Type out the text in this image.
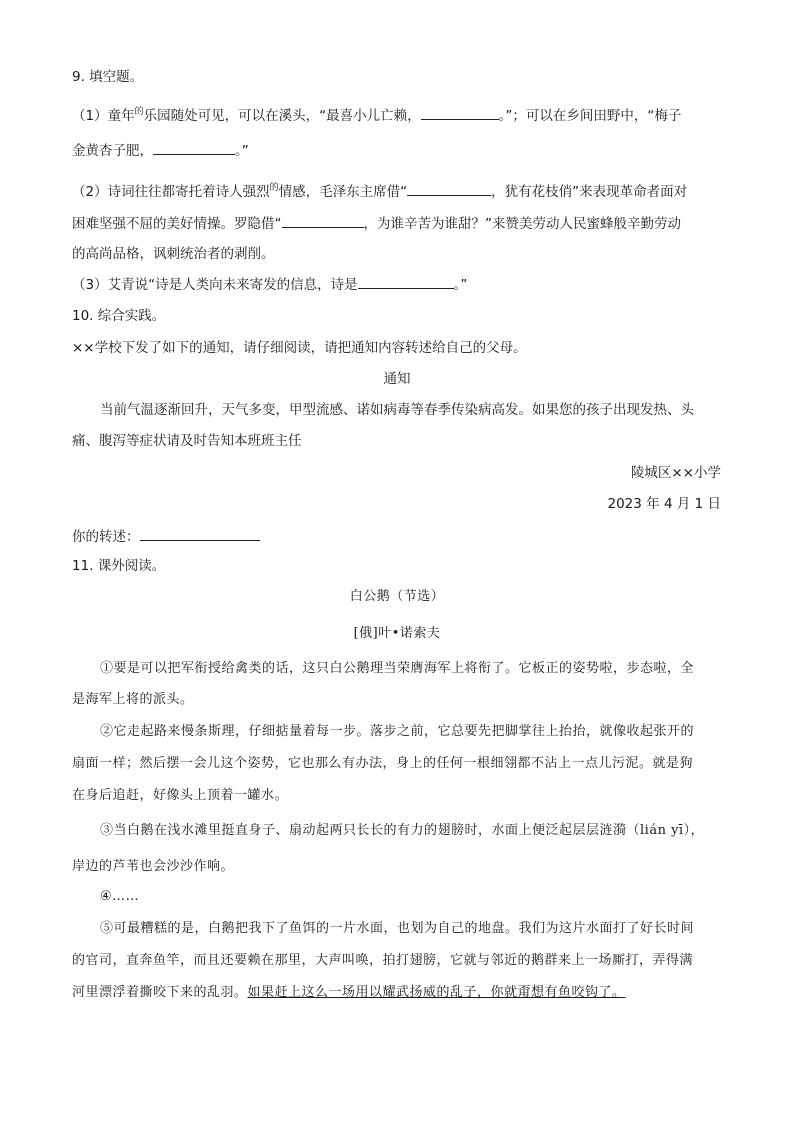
9. 填空题。
（1）童年$^的$乐园随处可见，可以在溪头，“最喜小儿亡赖，	。”；可以在乡间田野中，“梅子
金黄杏子肥，	。”
（2）诗词往往都寄托着诗人强烈$^的$情感，毛泽东主席借“	，犹有花枝俏”来表现革命者面对
困难坚强不屈的美好情操。罗隐借“	，为谁辛苦为谁甜？”来赞美劳动人民蜜蜂般辛勤劳动
的高尚品格，讽刺统治者的剥削。
（3）艾青说“诗是人类向未来寄发的信息，诗是	。”
10. 综合实践。
××学校下发了如下的通知，请仔细阅读，请把通知内容转述给自己的父母。
通知
当前气温逐渐回升，天气多变，甲型流感、诺如病毒等春季传染病高发。如果您的孩子出现发热、头
痛、腹泻等症状请及时告知本班班主任
陵城区××小学
2023 年 4 月 1 日
你的转述：
11. 课外阅读。
白公鹅（节选）
[俄]叶•诺索夫
①要是可以把军衔授给禽类的话，这只白公鹅理当荣膺海军上将衔了。它板正的姿势啦，步态啦，全
是海军上将的派头。
②它走起路来慢条斯理，仔细掂量着每一步。落步之前，它总要先把脚掌往上抬抬，就像收起张开的
扇面一样；然后摆一会儿这个姿势，它也那么有办法，身上的任何一根细翎都不沾上一点儿污泥。就是狗
在身后追赶，好像头上顶着一罐水。
③当白鹅在浅水滩里挺直身子、扇动起两只长长的有力的翅膀时，水面上便泛起层层涟漪（lián yī），
岸边的芦苇也会沙沙作响。
④……
⑤可最糟糕的是，白鹅把我下了鱼饵的一片水面，也划为自己的地盘。我们为这片水面打了好长时间
的官司，直奔鱼竿，而且还要赖在那里，大声叫唤，拍打翅膀，它就与邻近的鹅群来上一场厮打，弄得满
河里漂浮着撕咬下来的乱羽。如果赶上这么一场用以耀武扬威的乱子，你就甭想有鱼咬钩了。
